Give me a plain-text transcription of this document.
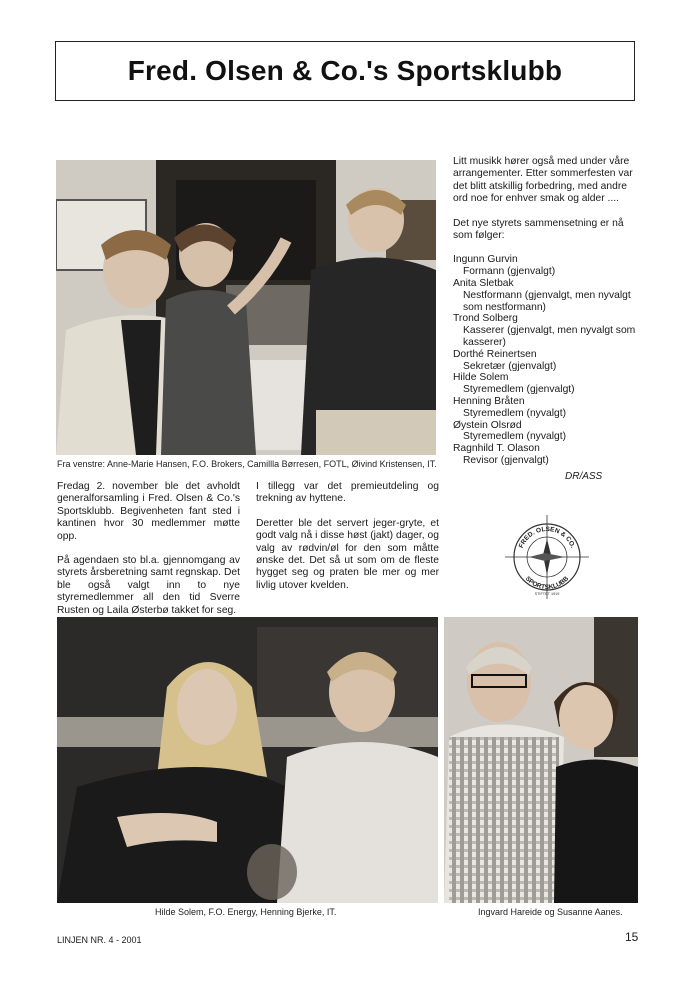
Fred. Olsen & Co.'s Sportsklubb
Fra venstre: Anne-Marie Hansen, F.O. Brokers, Camillla Børresen, FOTL, Øivind Kristensen, IT.

Litt musikk hører også med under våre arrangementer. Etter sommerfesten var det blitt atskillig forbedring, med andre ord noe for enhver smak og alder ....

Det nye styrets sammensetning er nå som følger:

Ingunn Gurvin
Formann (gjenvalgt)
Anita Sletbak
Nestformann (gjenvalgt, men nyvalgt som nestformann)
Trond Solberg
Kasserer (gjenvalgt, men nyvalgt som kasserer)
Dorthé Reinertsen
Sekretær (gjenvalgt)
Hilde Solem
Styremedlem (gjenvalgt)
Henning Bråten
Styremedlem (nyvalgt)
Øystein Olsrød
Styremedlem (nyvalgt)
Ragnhild T. Olason
Revisor (gjenvalgt)
DR/ASS
FRED. OLSEN & CO.
SPORTSKLUBB
STIFTET 1919

Fredag 2. november ble det avholdt generalforsamling i Fred. Olsen & Co.'s Sportsklubb. Begivenheten fant sted i kantinen hvor 30 medlemmer møtte opp.

På agendaen sto bl.a. gjennomgang av styrets årsberetning samt regnskap. Det ble også valgt inn to nye styremedlemmer all den tid Sverre Rusten og Laila Østerbø takket for seg.

I tillegg var det premieutdeling og trekning av hyttene.

Deretter ble det servert jeger-gryte, et godt valg nå i disse høst (jakt) dager, og valg av rødvin/øl for den som måtte ønske det. Det så ut som om de fleste hygget seg og praten ble mer og mer livlig utover kvelden.

Hilde Solem, F.O. Energy, Henning Bjerke, IT.	Ingvard Hareide og Susanne Aanes.
LINJEN NR. 4 - 2001	15
